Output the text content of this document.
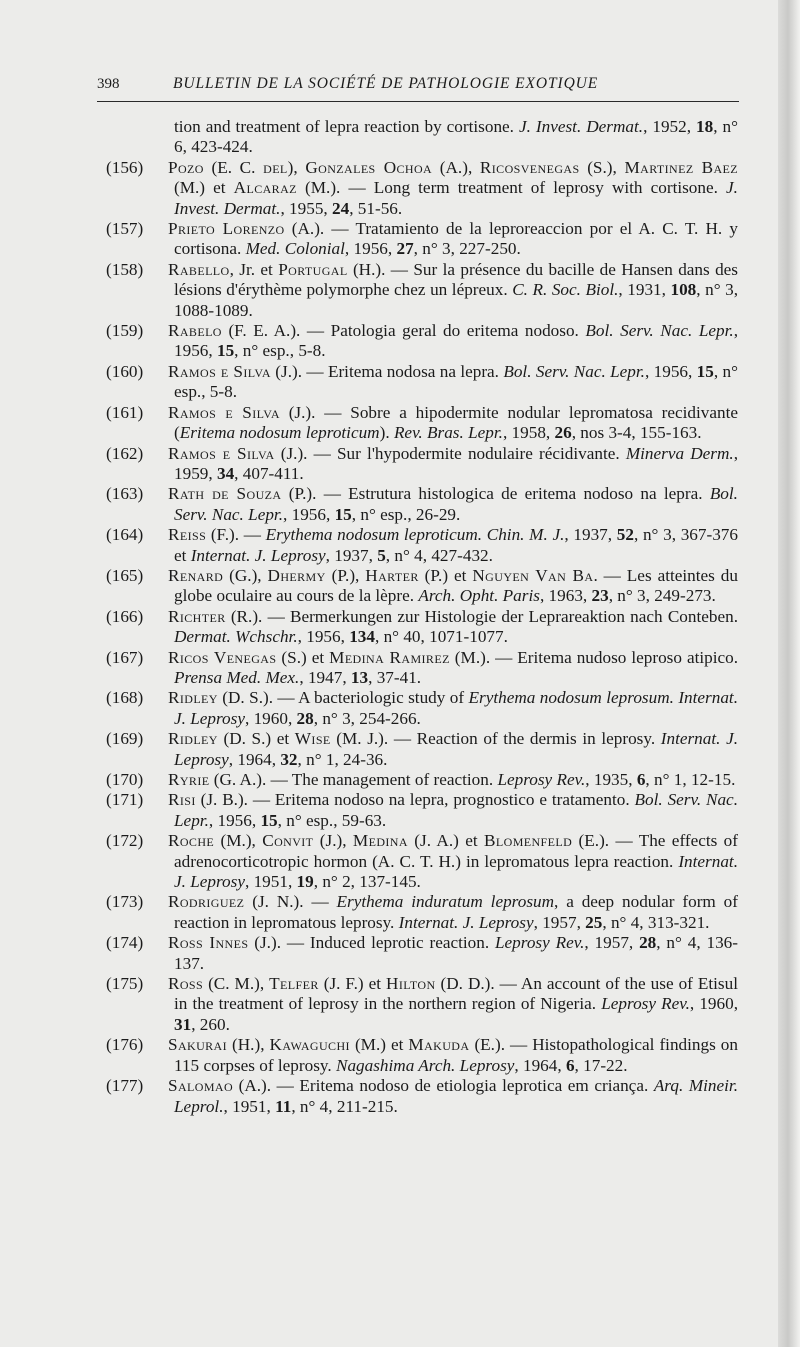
398	BULLETIN DE LA SOCIÉTÉ DE PATHOLOGIE EXOTIQUE

tion and treatment of lepra reaction by cortisone. J. Invest. Dermat., 1952, 18, n° 6, 423-424.

(156) Pozo (E. C. del), Gonzales Ochoa (A.), Ricosvenegas (S.), Martinez Baez (M.) et Alcaraz (M.). — Long term treatment of leprosy with cortisone. J. Invest. Dermat., 1955, 24, 51-56.

(157) Prieto Lorenzo (A.). — Tratamiento de la leproreaccion por el A. C. T. H. y cortisona. Med. Colonial, 1956, 27, n° 3, 227-250.

(158) Rabello, Jr. et Portugal (H.). — Sur la présence du bacille de Hansen dans des lésions d'érythème polymorphe chez un lépreux. C. R. Soc. Biol., 1931, 108, n° 3, 1088-1089.

(159) Rabelo (F. E. A.). — Patologia geral do eritema nodoso. Bol. Serv. Nac. Lepr., 1956, 15, n° esp., 5-8.

(160) Ramos e Silva (J.). — Eritema nodosa na lepra. Bol. Serv. Nac. Lepr., 1956, 15, n° esp., 5-8.

(161) Ramos e Silva (J.). — Sobre a hipodermite nodular lepromatosa recidivante (Eritema nodosum leproticum). Rev. Bras. Lepr., 1958, 26, nos 3-4, 155-163.

(162) Ramos e Silva (J.). — Sur l'hypodermite nodulaire récidivante. Minerva Derm., 1959, 34, 407-411.

(163) Rath de Souza (P.). — Estrutura histologica de eritema nodoso na lepra. Bol. Serv. Nac. Lepr., 1956, 15, n° esp., 26-29.

(164) Reiss (F.). — Erythema nodosum leproticum. Chin. M. J., 1937, 52, n° 3, 367-376 et Internat. J. Leprosy, 1937, 5, n° 4, 427-432.

(165) Renard (G.), Dhermy (P.), Harter (P.) et Nguyen Van Ba. — Les atteintes du globe oculaire au cours de la lèpre. Arch. Opht. Paris, 1963, 23, n° 3, 249-273.

(166) Richter (R.). — Bermerkungen zur Histologie der Leprareaktion nach Conteben. Dermat. Wchschr., 1956, 134, n° 40, 1071-1077.

(167) Ricos Venegas (S.) et Medina Ramirez (M.). — Eritema nudoso leproso atipico. Prensa Med. Mex., 1947, 13, 37-41.

(168) Ridley (D. S.). — A bacteriologic study of Erythema nodosum leprosum. Internat. J. Leprosy, 1960, 28, n° 3, 254-266.

(169) Ridley (D. S.) et Wise (M. J.). — Reaction of the dermis in leprosy. Internat. J. Leprosy, 1964, 32, n° 1, 24-36.

(170) Ryrie (G. A.). — The management of reaction. Leprosy Rev., 1935, 6, n° 1, 12-15.

(171) Risi (J. B.). — Eritema nodoso na lepra, prognostico e tratamento. Bol. Serv. Nac. Lepr., 1956, 15, n° esp., 59-63.

(172) Roche (M.), Convit (J.), Medina (J. A.) et Blomenfeld (E.). — The effects of adrenocorticotropic hormon (A. C. T. H.) in lepromatous lepra reaction. Internat. J. Leprosy, 1951, 19, n° 2, 137-145.

(173) Rodriguez (J. N.). — Erythema induratum leprosum, a deep nodular form of reaction in lepromatous leprosy. Internat. J. Leprosy, 1957, 25, n° 4, 313-321.

(174) Ross Innes (J.). — Induced leprotic reaction. Leprosy Rev., 1957, 28, n° 4, 136-137.

(175) Ross (C. M.), Telfer (J. F.) et Hilton (D. D.). — An account of the use of Etisul in the treatment of leprosy in the northern region of Nigeria. Leprosy Rev., 1960, 31, 260.

(176) Sakurai (H.), Kawaguchi (M.) et Makuda (E.). — Histopathological findings on 115 corpses of leprosy. Nagashima Arch. Leprosy, 1964, 6, 17-22.

(177) Salomao (A.). — Eritema nodoso de etiologia leprotica em criança. Arq. Mineir. Leprol., 1951, 11, n° 4, 211-215.
